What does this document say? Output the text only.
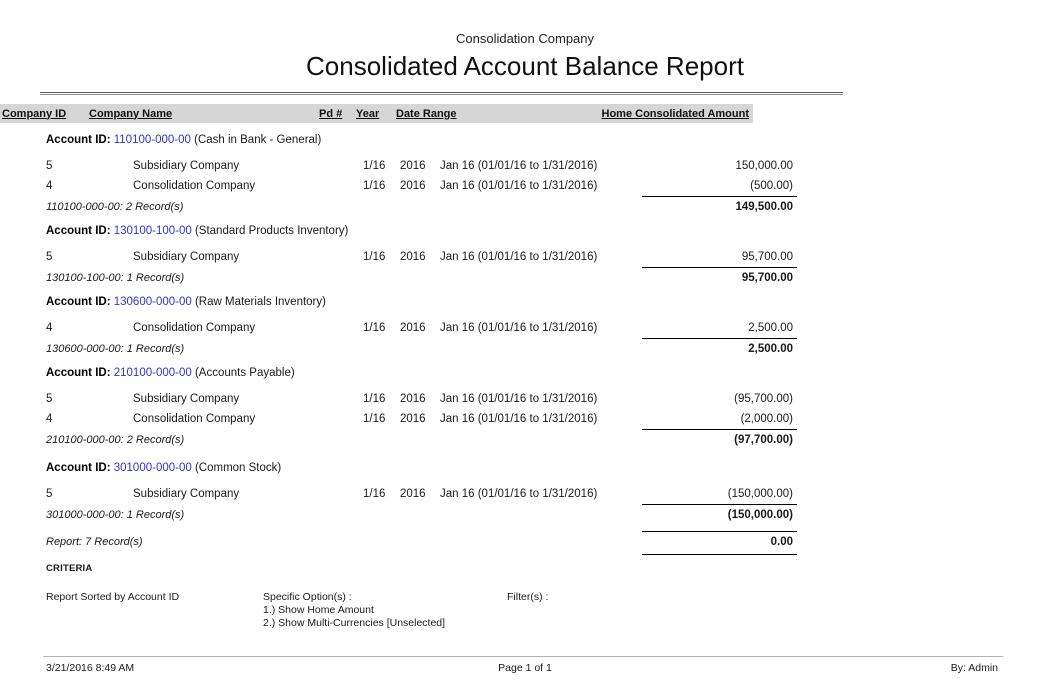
Consolidation Company
Consolidated Account Balance Report
Company ID	Company Name	Pd #	Year	Date Range	Home Consolidated Amount
Account ID: 110100-000-00 (Cash in Bank - General)
5	Subsidiary Company	1/16	2016	Jan 16 (01/01/16 to 1/31/2016)	150,000.00
4	Consolidation Company	1/16	2016	Jan 16 (01/01/16 to 1/31/2016)	(500.00)
110100-000-00: 2 Record(s)	149,500.00
Account ID: 130100-100-00 (Standard Products Inventory)
5	Subsidiary Company	1/16	2016	Jan 16 (01/01/16 to 1/31/2016)	95,700.00
130100-100-00: 1 Record(s)	95,700.00
Account ID: 130600-000-00 (Raw Materials Inventory)
4	Consolidation Company	1/16	2016	Jan 16 (01/01/16 to 1/31/2016)	2,500.00
130600-000-00: 1 Record(s)	2,500.00
Account ID: 210100-000-00 (Accounts Payable)
5	Subsidiary Company	1/16	2016	Jan 16 (01/01/16 to 1/31/2016)	(95,700.00)
4	Consolidation Company	1/16	2016	Jan 16 (01/01/16 to 1/31/2016)	(2,000.00)
210100-000-00: 2 Record(s)	(97,700.00)
Account ID: 301000-000-00 (Common Stock)
5	Subsidiary Company	1/16	2016	Jan 16 (01/01/16 to 1/31/2016)	(150,000.00)
301000-000-00: 1 Record(s)	(150,000.00)
Report: 7 Record(s)	0.00
CRITERIA
Report Sorted by Account ID	Specific Option(s) :
1.) Show Home Amount
2.) Show Multi-Currencies [Unselected]
Filter(s) :
3/21/2016 8:49 AM	Page 1 of 1	By: Admin
